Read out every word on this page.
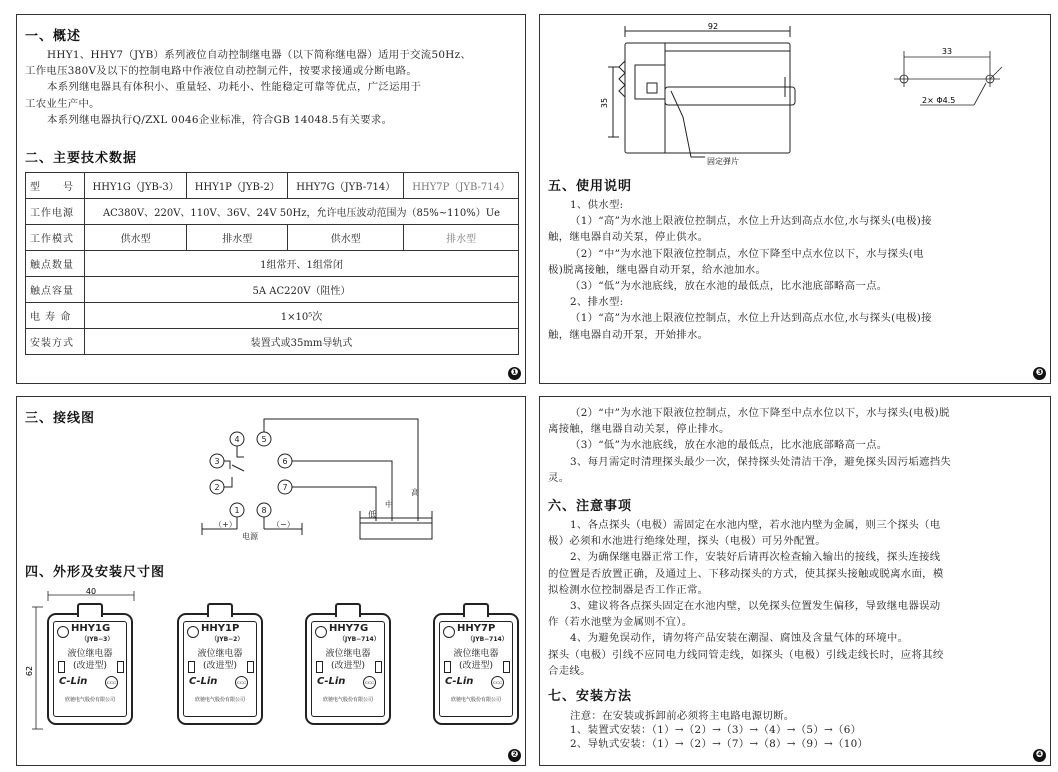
一、概述
HHY1、HHY7（JYB）系列液位自动控制继电器（以下简称继电器）适用于交流50Hz、
工作电压380V及以下的控制电路中作液位自动控制元件，按要求接通或分断电路。
本系列继电器具有体积小、重量轻、功耗小、性能稳定可靠等优点，广泛运用于
工农业生产中。
本系列继电器执行Q/ZXL 0046企业标准，符合GB 14048.5有关要求。
二、主要技术数据
型　　号	HHY1G（JYB-3）	HHY1P（JYB-2）	HHY7G（JYB-714）	HHY7P（JYB-714）
工作电源	AC380V、220V、110V、36V、24V 50Hz，允许电压波动范围为（85%~110%）Ue			
工作模式	供水型	排水型	供水型	排水型
触点数量	1组常开、1组常闭			
触点容量	5A AC220V（阻性）			
电 寿 命	1×10⁵次			
安装方式	装置式或35mm导轨式			
❶
三、接线图
4	5
6
7
8
1
2
3
（+）	（−）
电源
低
中
高
四、外形及安装尺寸图
40
62
HHY1G
（JYB−3）
液位继电器
(改进型)
C-Lin	CCC
欣驰电气股份有限公司
HHY1P
（JYB−2）
液位继电器
(改进型)
C-Lin	CCC
欣驰电气股份有限公司
HHY7G
（JYB−714）
液位继电器
(改进型)
C-Lin	CCC
欣驰电气股份有限公司
HHY7P
（JYB−714）
液位继电器
(改进型)
C-Lin	CCC
欣驰电气股份有限公司
❷
92
35
固定弹片
33
2× Φ4.5
五、使用说明
1、供水型:
（1）“高”为水池上限液位控制点，水位上升达到高点水位,水与探头(电极)接
触，继电器自动关泵，停止供水。
（2）“中”为水池下限液位控制点，水位下降至中点水位以下，水与探头(电
极)脱离接触，继电器自动开泵，给水池加水。
（3）“低”为水池底线，放在水池的最低点，比水池底部略高一点。
2、排水型:
（1）“高”为水池上限液位控制点，水位上升达到高点水位,水与探头(电极)接
触，继电器自动开泵，开始排水。
❸
（2）“中”为水池下限液位控制点，水位下降至中点水位以下，水与探头(电极)脱
离接触，继电器自动关泵，停止排水。
（3）“低”为水池底线，放在水池的最低点，比水池底部略高一点。
3、每月需定时清理探头最少一次，保持探头处清洁干净，避免探头因污垢遮挡失
灵。
六、注意事项
1、各点探头（电极）需固定在水池内壁，若水池内壁为金属，则三个探头（电
极）必须和水池进行绝缘处理，探头（电极）可另外配置。
2、为确保继电器正常工作，安装好后请再次检查输入输出的接线，探头连接线
的位置是否放置正确，及通过上、下移动探头的方式，使其探头接触或脱离水面，模
拟检测水位控制器是否工作正常。
3、建议将各点探头固定在水池内壁，以免探头位置发生偏移，导致继电器误动
作（若水池壁为金属则不宜）。
4、为避免误动作，请勿将产品安装在潮湿、腐蚀及含量气体的环境中。
探头（电极）引线不应同电力线同管走线，如探头（电极）引线走线长时，应将其绞
合走线。
七、安装方法
注意：在安装或拆卸前必须将主电路电源切断。
1、装置式安装：（1）→（2）→（3）→（4）→（5）→（6）
2、导轨式安装：（1）→（2）→（7）→（8）→（9）→（10）
❹
